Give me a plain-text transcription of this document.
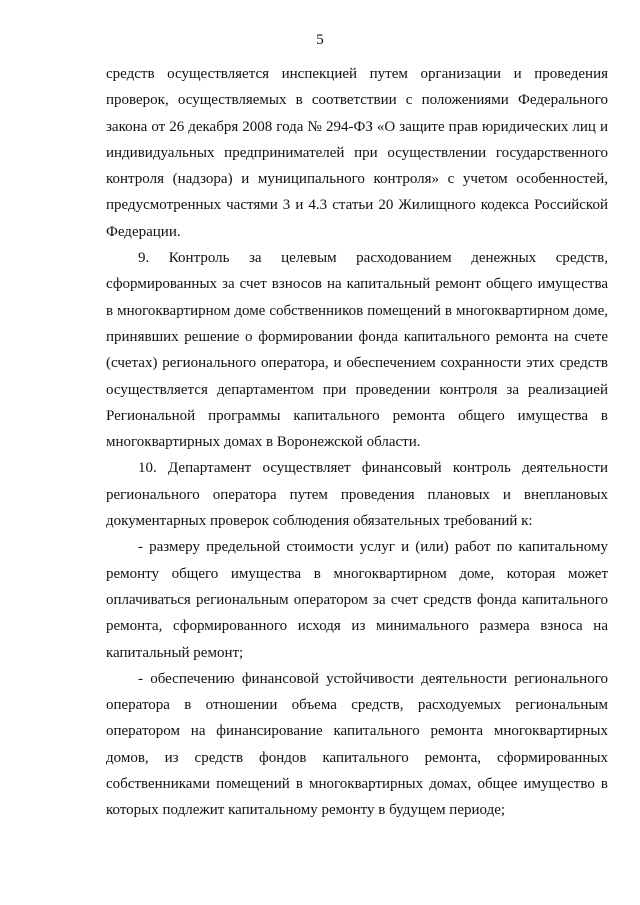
5

средств осуществляется инспекцией путем организации и проведения проверок, осуществляемых в соответствии с положениями Федерального закона от 26 декабря 2008 года № 294-ФЗ «О защите прав юридических лиц и индивидуальных предпринимателей при осуществлении государственного контроля (надзора) и муниципального контроля» с учетом особенностей, предусмотренных частями 3 и 4.3 статьи 20 Жилищного кодекса Российской Федерации.

9. Контроль за целевым расходованием денежных средств, сформированных за счет взносов на капитальный ремонт общего имущества в многоквартирном доме собственников помещений в многоквартирном доме, принявших решение о формировании фонда капитального ремонта на счете (счетах) регионального оператора, и обеспечением сохранности этих средств осуществляется департаментом при проведении контроля за реализацией Региональной программы капитального ремонта общего имущества в многоквартирных домах в Воронежской области.

10. Департамент осуществляет финансовый контроль деятельности регионального оператора путем проведения плановых и внеплановых документарных проверок соблюдения обязательных требований к:

- размеру предельной стоимости услуг и (или) работ по капитальному ремонту общего имущества в многоквартирном доме, которая может оплачиваться региональным оператором за счет средств фонда капитального ремонта, сформированного исходя из минимального размера взноса на капитальный ремонт;

- обеспечению финансовой устойчивости деятельности регионального оператора в отношении объема средств, расходуемых региональным оператором на финансирование капитального ремонта многоквартирных домов, из средств фондов капитального ремонта, сформированных собственниками помещений в многоквартирных домах, общее имущество в которых подлежит капитальному ремонту в будущем периоде;
